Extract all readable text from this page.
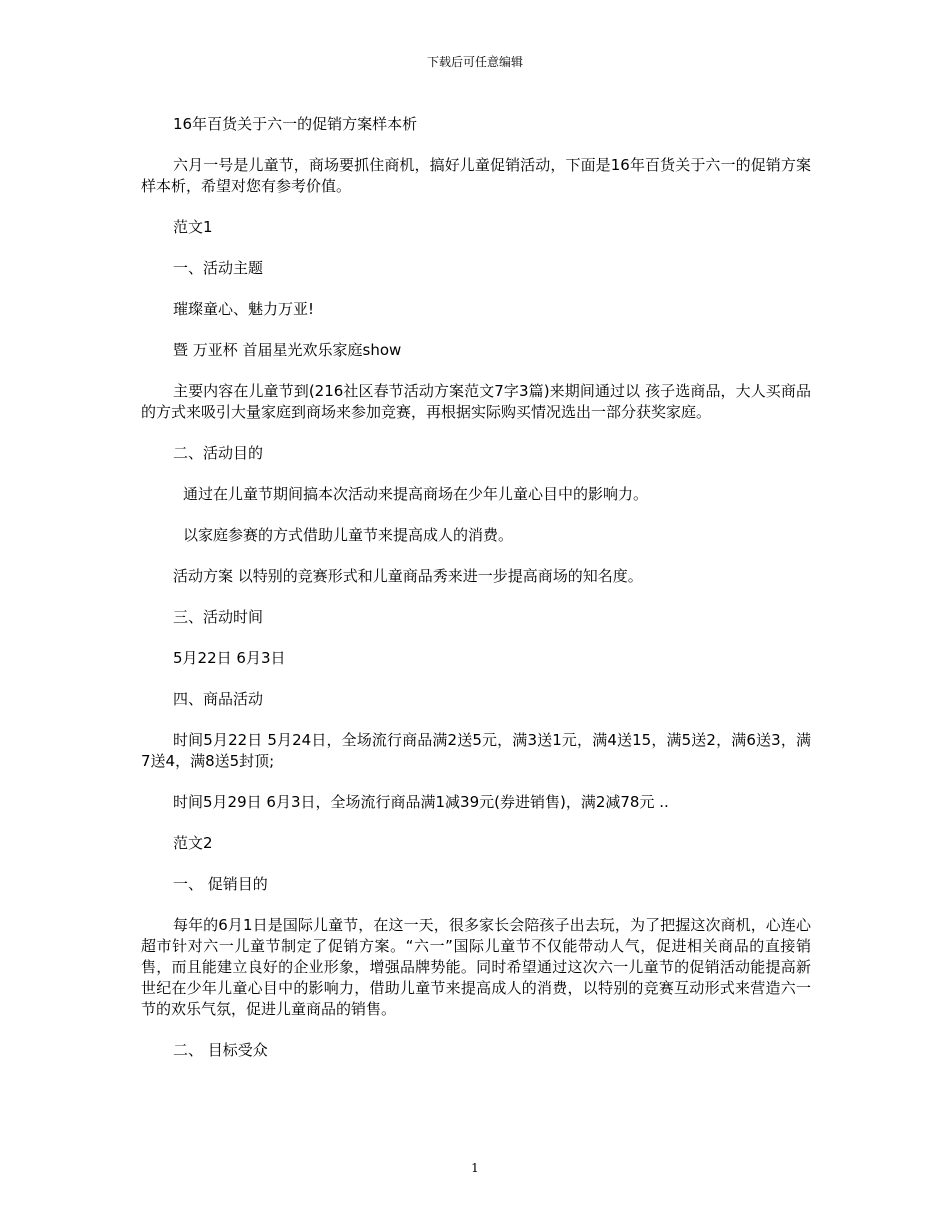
下载后可任意编辑

16年百货关于六一的促销方案样本析

六月一号是儿童节，商场要抓住商机，搞好儿童促销活动，下面是16年百货关于六一的促销方案样本析，希望对您有参考价值。

范文1

一、活动主题

璀璨童心、魅力万亚!

暨 万亚杯 首届星光欢乐家庭show

主要内容在儿童节到(216社区春节活动方案范文7字3篇)来期间通过以 孩子选商品，大人买商品 的方式来吸引大量家庭到商场来参加竞赛，再根据实际购买情况选出一部分获奖家庭。

二、活动目的

通过在儿童节期间搞本次活动来提高商场在少年儿童心目中的影响力。

以家庭参赛的方式借助儿童节来提高成人的消费。

活动方案 以特别的竞赛形式和儿童商品秀来进一步提高商场的知名度。

三、活动时间

5月22日 6月3日

四、商品活动

时间5月22日 5月24日，全场流行商品满2送5元，满3送1元，满4送15，满5送2，满6送3，满7送4，满8送5封顶;

时间5月29日 6月3日，全场流行商品满1减39元(券进销售)，满2减78元 ..

范文2

一、 促销目的

每年的6月1日是国际儿童节，在这一天，很多家长会陪孩子出去玩，为了把握这次商机，心连心超市针对六一儿童节制定了促销方案。“六一”国际儿童节不仅能带动人气，促进相关商品的直接销售，而且能建立良好的企业形象，增强品牌势能。同时希望通过这次六一儿童节的促销活动能提高新世纪在少年儿童心目中的影响力，借助儿童节来提高成人的消费，以特别的竞赛互动形式来营造六一节的欢乐气氛，促进儿童商品的销售。

二、 目标受众

1
